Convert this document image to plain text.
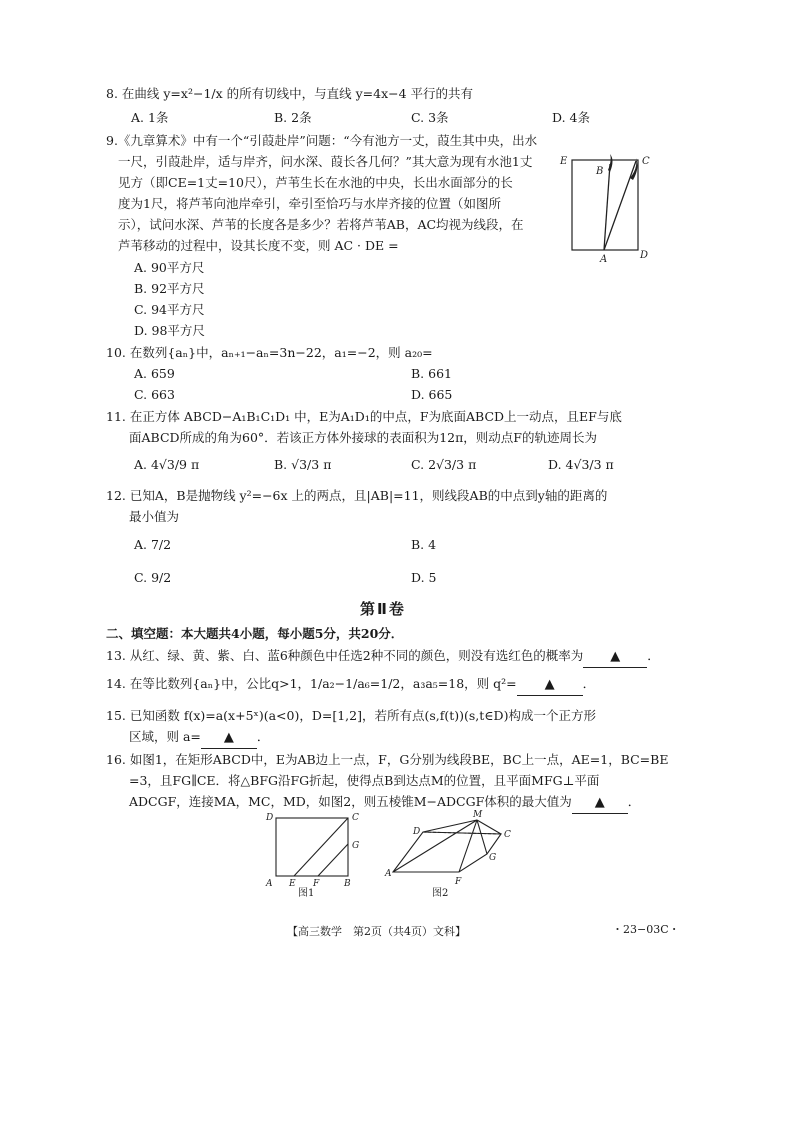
8. 在曲线 y=x²−1/x 的所有切线中，与直线 y=4x−4 平行的共有
A. 1条	B. 2条	C. 3条	D. 4条
9.《九章算术》中有一个“引葭赴岸”问题：“今有池方一丈，葭生其中央，出水
一尺，引葭赴岸，适与岸齐，问水深、葭长各几何？”其大意为现有水池1丈
见方（即CE=1丈=10尺），芦苇生长在水池的中央，长出水面部分的长
度为1尺，将芦苇向池岸牵引，牵引至恰巧与水岸齐接的位置（如图所
示），试问水深、芦苇的长度各是多少？若将芦苇AB，AC均视为线段，在
芦苇移动的过程中，设其长度不变，则 AC · DE =
A. 90平方尺
B. 92平方尺
C. 94平方尺
D. 98平方尺
E	C
B
A	D
10. 在数列{aₙ}中，aₙ₊₁−aₙ=3n−22，a₁=−2，则 a₂₀=
A. 659	B. 661
C. 663	D. 665
11. 在正方体 ABCD−A₁B₁C₁D₁ 中，E为A₁D₁的中点，F为底面ABCD上一动点，且EF与底
面ABCD所成的角为60°．若该正方体外接球的表面积为12π，则动点F的轨迹周长为
A. 4√3/9 π	B. √3/3 π	C. 2√3/3 π	D. 4√3/3 π
12. 已知A，B是抛物线 y²=−6x 上的两点，且|AB|=11，则线段AB的中点到y轴的距离的
最小值为
A. 7/2	B. 4
C. 9/2	D. 5
第Ⅱ卷
二、填空题：本大题共4小题，每小题5分，共20分．
13. 从红、绿、黄、紫、白、蓝6种颜色中任选2种不同的颜色，则没有选红色的概率为 ▲ ．
14. 在等比数列{aₙ}中，公比q>1，1/a₂−1/a₆=1/2，a₃a₅=18，则 q²= ▲ ．
15. 已知函数 f(x)=a(x+5ˣ)(a<0)，D=[1,2]，若所有点(s,f(t))(s,t∈D)构成一个正方形
区域，则 a= ▲ ．
16. 如图1，在矩形ABCD中，E为AB边上一点，F，G分别为线段BE，BC上一点，AE=1，BC=BE
=3，且FG∥CE．将△BFG沿FG折起，使得点B到达点M的位置，且平面MFG⊥平面
ADCGF，连接MA，MC，MD，如图2，则五棱锥M−ADCGF体积的最大值为 ▲ ．
D	C
G
A E F	B
图1
D
M
C
G
A
F
图2
【高三数学　第2页（共4页）文科】	・23−03C・
